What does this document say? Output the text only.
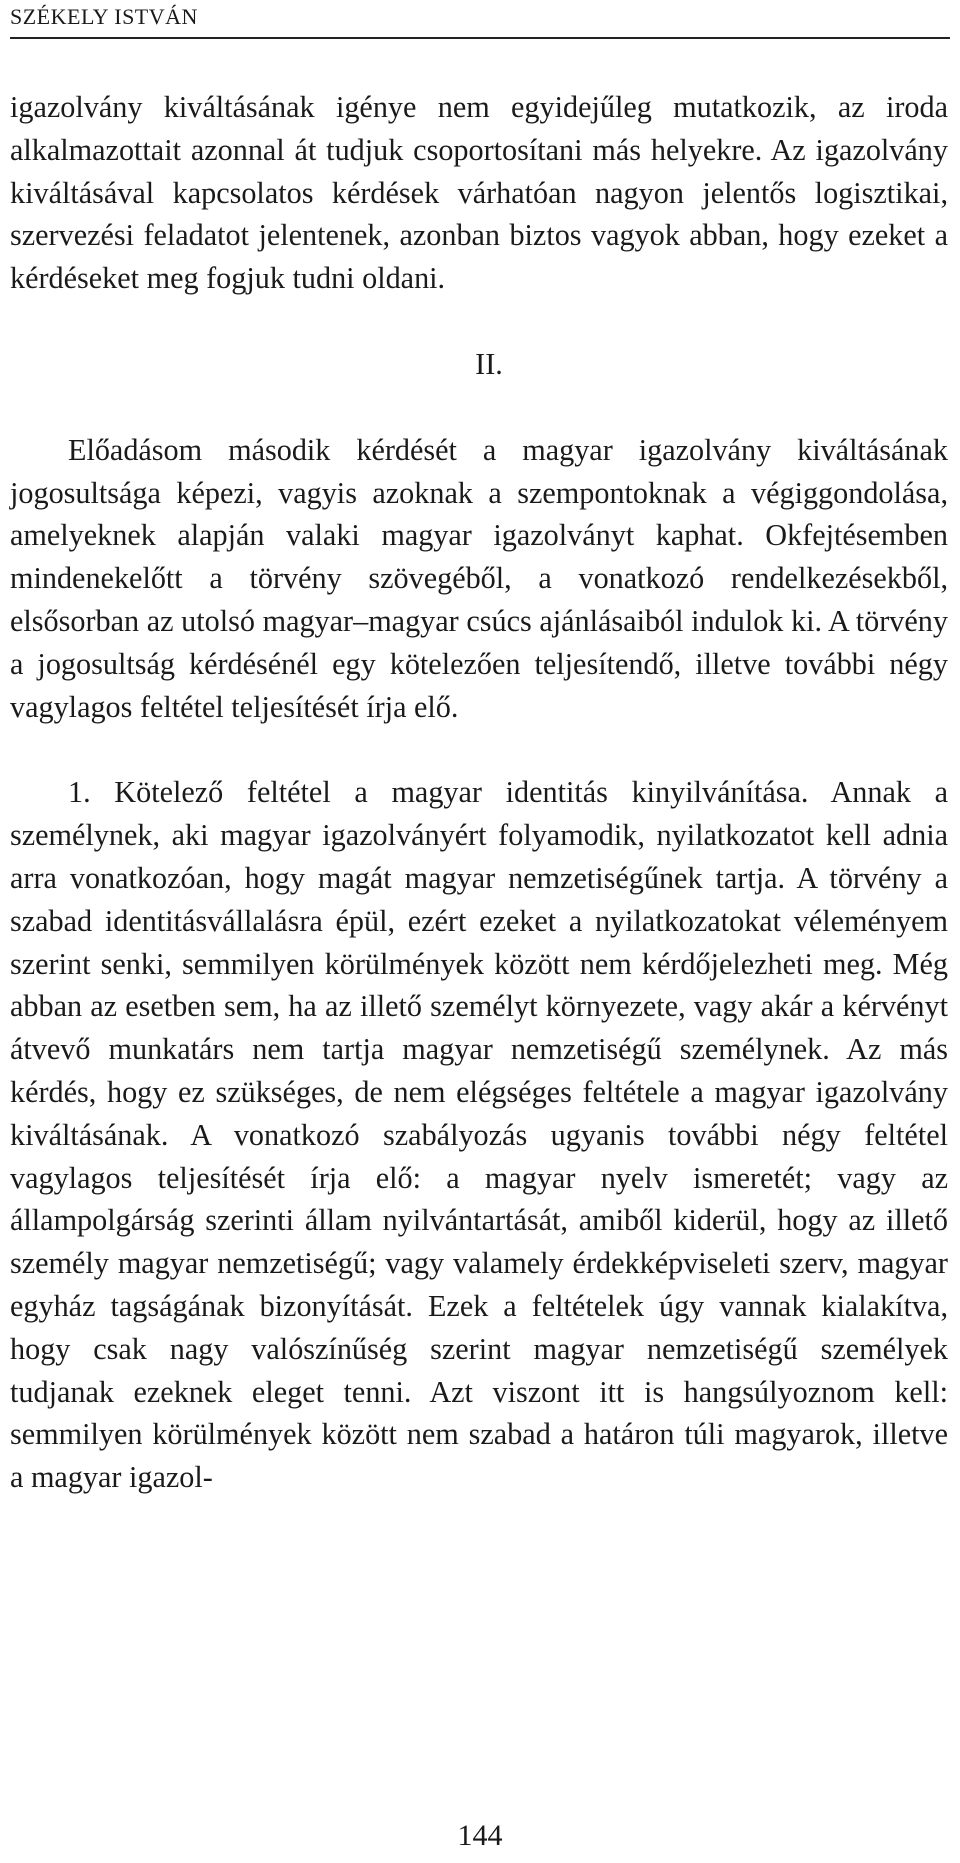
SZÉKELY ISTVÁN

igazolvány kiváltásának igénye nem egyidejűleg mutatkozik, az iroda alkalmazottait azonnal át tudjuk csoportosítani más helyekre. Az igazolvány kiváltásával kapcsolatos kérdések várhatóan nagyon jelentős logisztikai, szervezési feladatot jelentenek, azonban biztos vagyok abban, hogy ezeket a kérdéseket meg fogjuk tudni oldani.

II.

Előadásom második kérdését a magyar igazolvány kiváltásának jogosultsága képezi, vagyis azoknak a szempontoknak a végiggondolása, amelyeknek alapján valaki magyar igazolványt kaphat. Okfejtésemben mindenekelőtt a törvény szövegéből, a vonatkozó rendelkezésekből, elsősorban az utolsó magyar–magyar csúcs ajánlásaiból indulok ki. A törvény a jogosultság kérdésénél egy kötelezően teljesítendő, illetve további négy vagylagos feltétel teljesítését írja elő.

1. Kötelező feltétel a magyar identitás kinyilvánítása. Annak a személynek, aki magyar igazolványért folyamodik, nyilatkozatot kell adnia arra vonatkozóan, hogy magát magyar nemzetiségűnek tartja. A törvény a szabad identitásvállalásra épül, ezért ezeket a nyilatkozatokat véleményem szerint senki, semmilyen körülmények között nem kérdőjelezheti meg. Még abban az esetben sem, ha az illető személyt környezete, vagy akár a kérvényt átvevő munkatárs nem tartja magyar nemzetiségű személynek. Az más kérdés, hogy ez szükséges, de nem elégséges feltétele a magyar igazolvány kiváltásának. A vonatkozó szabályozás ugyanis további négy feltétel vagylagos teljesítését írja elő: a magyar nyelv ismeretét; vagy az állampolgárság szerinti állam nyilvántartását, amiből kiderül, hogy az illető személy magyar nemzetiségű; vagy valamely érdekképviseleti szerv, magyar egyház tagságának bizonyítását. Ezek a feltételek úgy vannak kialakítva, hogy csak nagy valószínűség szerint magyar nemzetiségű személyek tudjanak ezeknek eleget tenni. Azt viszont itt is hangsúlyoznom kell: semmilyen körülmények között nem szabad a határon túli magyarok, illetve a magyar igazol-

144
